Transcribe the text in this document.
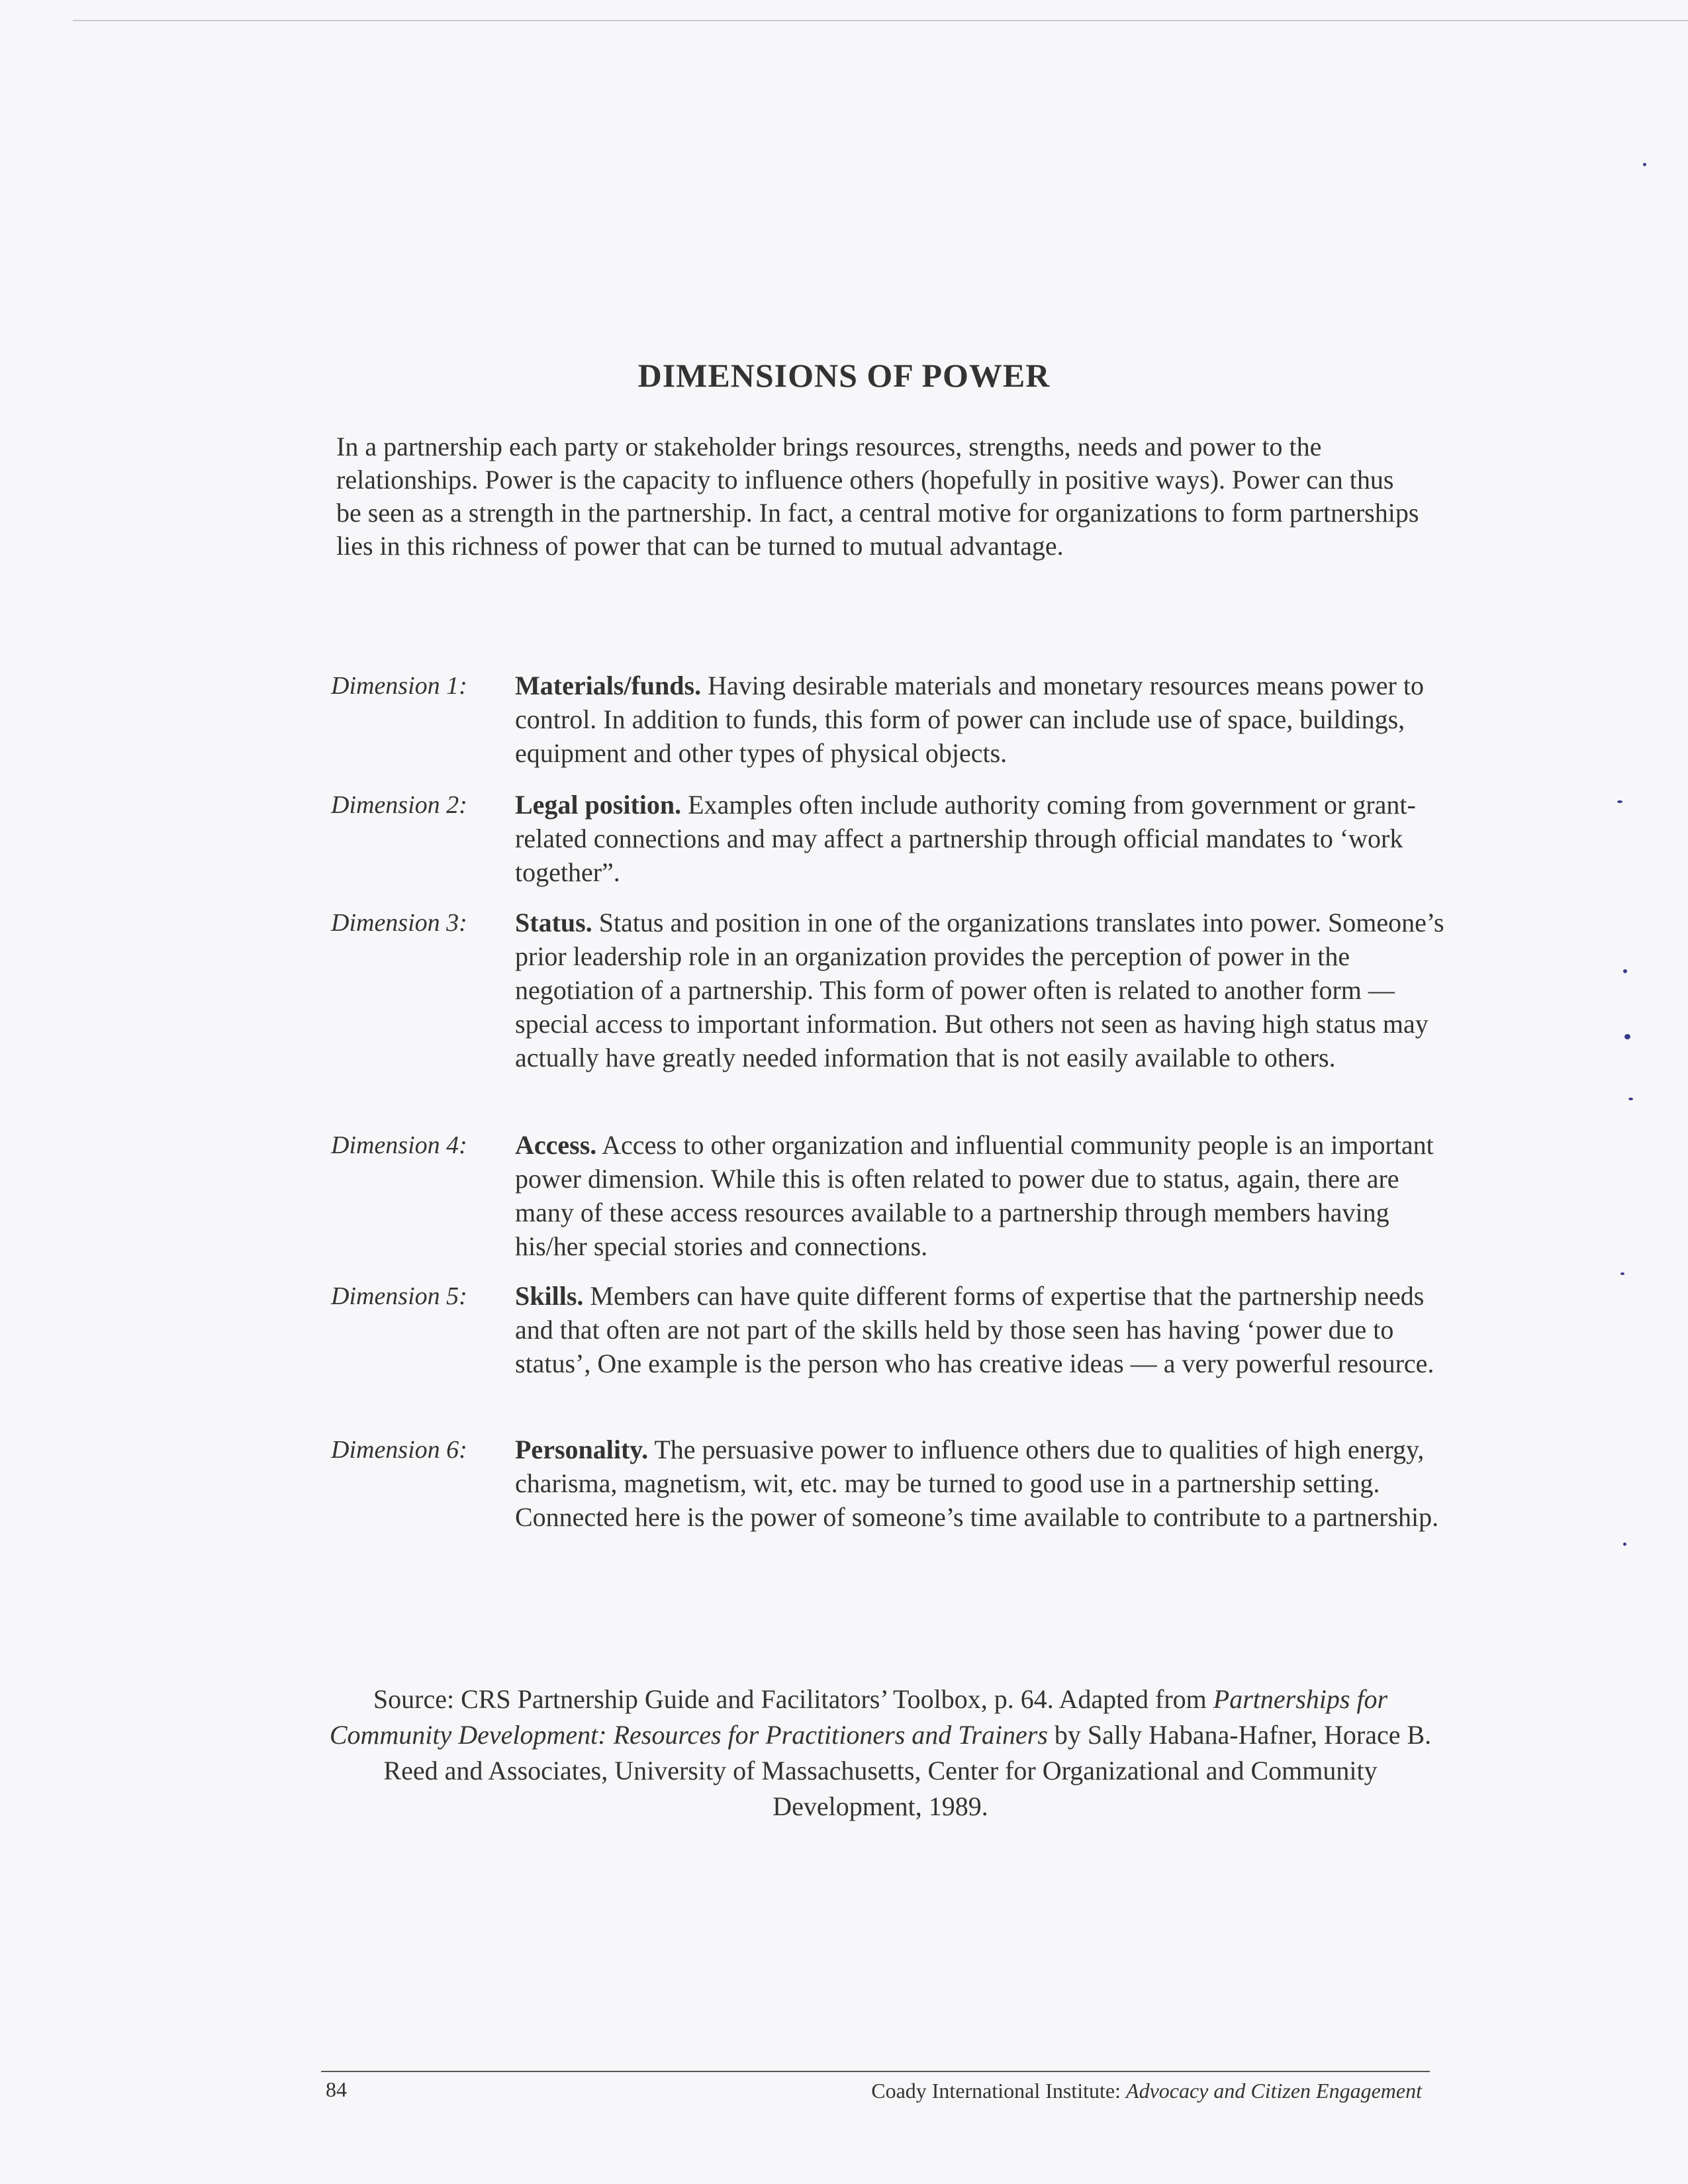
DIMENSIONS OF POWER

In a partnership each party or stakeholder brings resources, strengths, needs and power to the relationships. Power is the capacity to influence others (hopefully in positive ways). Power can thus be seen as a strength in the partnership. In fact, a central motive for organizations to form partnerships lies in this richness of power that can be turned to mutual advantage.

Dimension 1:	Materials/funds. Having desirable materials and monetary resources means power to control. In addition to funds, this form of power can include use of space, buildings, equipment and other types of physical objects.
Dimension 2:	Legal position. Examples often include authority coming from government or grant-related connections and may affect a partnership through official mandates to ‘work together”.
Dimension 3:	Status. Status and position in one of the organizations translates into power. Someone’s prior leadership role in an organization provides the perception of power in the negotiation of a partnership. This form of power often is related to another form — special access to important information. But others not seen as having high status may actually have greatly needed information that is not easily available to others.
Dimension 4:	Access. Access to other organization and influential community people is an important power dimension. While this is often related to power due to status, again, there are many of these access resources available to a partnership through members having his/her special stories and connections.
Dimension 5:	Skills. Members can have quite different forms of expertise that the partnership needs and that often are not part of the skills held by those seen has having ‘power due to status’, One example is the person who has creative ideas — a very powerful resource.
Dimension 6:	Personality. The persuasive power to influence others due to qualities of high energy, charisma, magnetism, wit, etc. may be turned to good use in a partnership setting. Connected here is the power of someone’s time available to contribute to a partnership.

Source: CRS Partnership Guide and Facilitators’ Toolbox, p. 64. Adapted from Partnerships for Community Development: Resources for Practitioners and Trainers by Sally Habana-Hafner, Horace B. Reed and Associates, University of Massachusetts, Center for Organizational and Community Development, 1989.

84	Coady International Institute: Advocacy and Citizen Engagement
